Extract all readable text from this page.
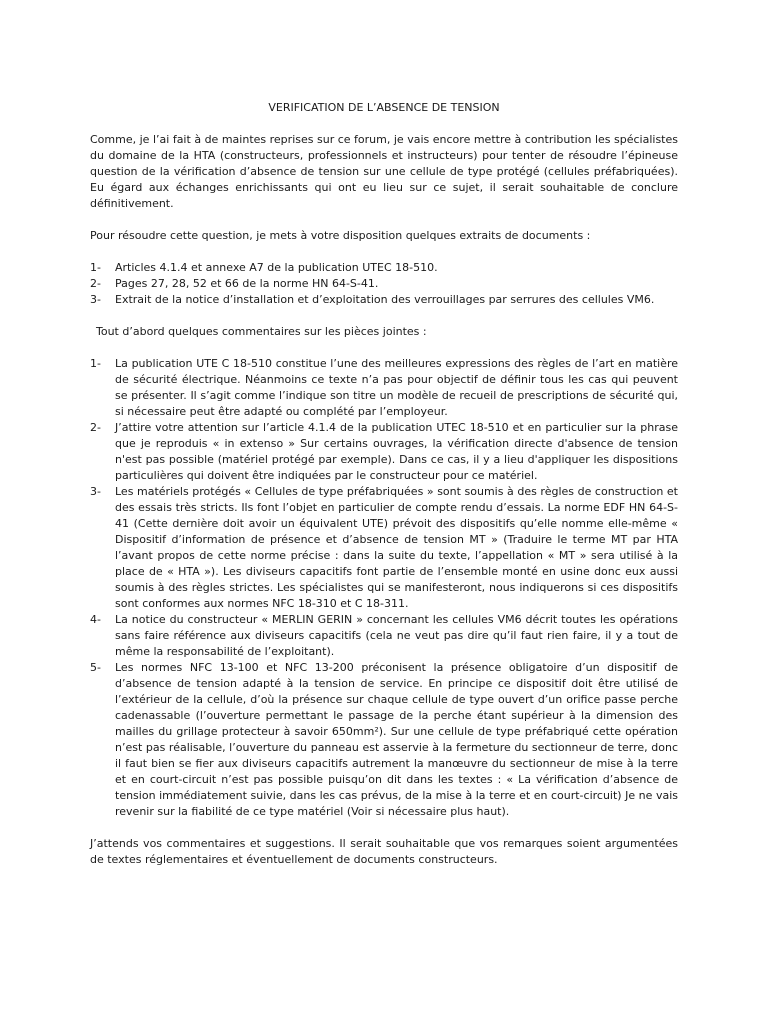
VERIFICATION DE L’ABSENCE DE TENSION

Comme, je l’ai fait à de maintes reprises sur ce forum, je vais encore mettre à contribution les spécialistes du domaine de la HTA (constructeurs, professionnels et instructeurs) pour tenter de résoudre l’épineuse question de la vérification d’absence de tension sur une cellule de type protégé (cellules préfabriquées). Eu égard aux échanges enrichissants qui ont eu lieu sur ce sujet, il serait souhaitable de conclure définitivement.

Pour résoudre cette question, je mets à votre disposition quelques extraits de documents :

1-	Articles 4.1.4 et annexe A7 de la publication UTEC 18-510.
2-	Pages 27, 28, 52 et 66 de la norme HN 64-S-41.
3-	Extrait de la notice d’installation et d’exploitation des verrouillages par serrures des cellules VM6.

Tout d’abord quelques commentaires sur les pièces jointes :

1-	La publication UTE C 18-510 constitue l’une des meilleures expressions des règles de l’art en matière de sécurité électrique. Néanmoins ce texte n’a pas pour objectif de définir tous les cas qui peuvent se présenter. Il s’agit comme l’indique son titre un modèle de recueil de prescriptions de sécurité qui, si nécessaire peut être adapté ou complété par l’employeur.
2-	J’attire votre attention sur l’article 4.1.4 de la publication UTEC 18-510 et en particulier sur la phrase que je reproduis « in extenso » Sur certains ouvrages, la vérification directe d'absence de tension n'est pas possible (matériel protégé par exemple). Dans ce cas, il y a lieu d'appliquer les dispositions particulières qui doivent être indiquées par le constructeur pour ce matériel.
3-	Les matériels protégés « Cellules de type préfabriquées » sont soumis à des règles de construction et des essais très stricts. Ils font l’objet en particulier de compte rendu d’essais. La norme EDF HN 64-S-41 (Cette dernière doit avoir un équivalent UTE) prévoit des dispositifs qu’elle nomme elle-même « Dispositif d’information de présence et d’absence de tension MT » (Traduire le terme MT par HTA l’avant propos de cette norme précise : dans la suite du texte, l’appellation « MT » sera utilisé à la place de « HTA »). Les diviseurs capacitifs font partie de l’ensemble monté en usine donc eux aussi soumis à des règles strictes. Les spécialistes qui se manifesteront, nous indiquerons si ces dispositifs sont conformes aux normes NFC 18-310 et C 18-311.
4-	La notice du constructeur « MERLIN GERIN » concernant les cellules VM6 décrit toutes les opérations sans faire référence aux diviseurs capacitifs (cela ne veut pas dire qu’il faut rien faire, il y a tout de même la responsabilité de l’exploitant).
5-	Les normes NFC 13-100 et NFC 13-200 préconisent la présence obligatoire d’un dispositif de d’absence de tension adapté à la tension de service. En principe ce dispositif doit être utilisé de l’extérieur de la cellule, d’où la présence sur chaque cellule de type ouvert d’un orifice passe perche cadenassable (l’ouverture permettant le passage de la perche étant supérieur à la dimension des mailles du grillage protecteur à savoir 650mm²). Sur une cellule de type préfabriqué cette opération n’est pas réalisable, l’ouverture du panneau est asservie à la fermeture du sectionneur de terre, donc il faut bien se fier aux diviseurs capacitifs autrement la manœuvre du sectionneur de mise à la terre et en court-circuit n’est pas possible puisqu’on dit dans les textes : « La vérification d’absence de tension immédiatement suivie, dans les cas prévus, de la mise à la terre et en court-circuit) Je ne vais revenir sur la fiabilité de ce type matériel (Voir si nécessaire plus haut).

J’attends vos commentaires et suggestions. Il serait souhaitable que vos remarques soient argumentées de textes réglementaires et éventuellement de documents constructeurs.
